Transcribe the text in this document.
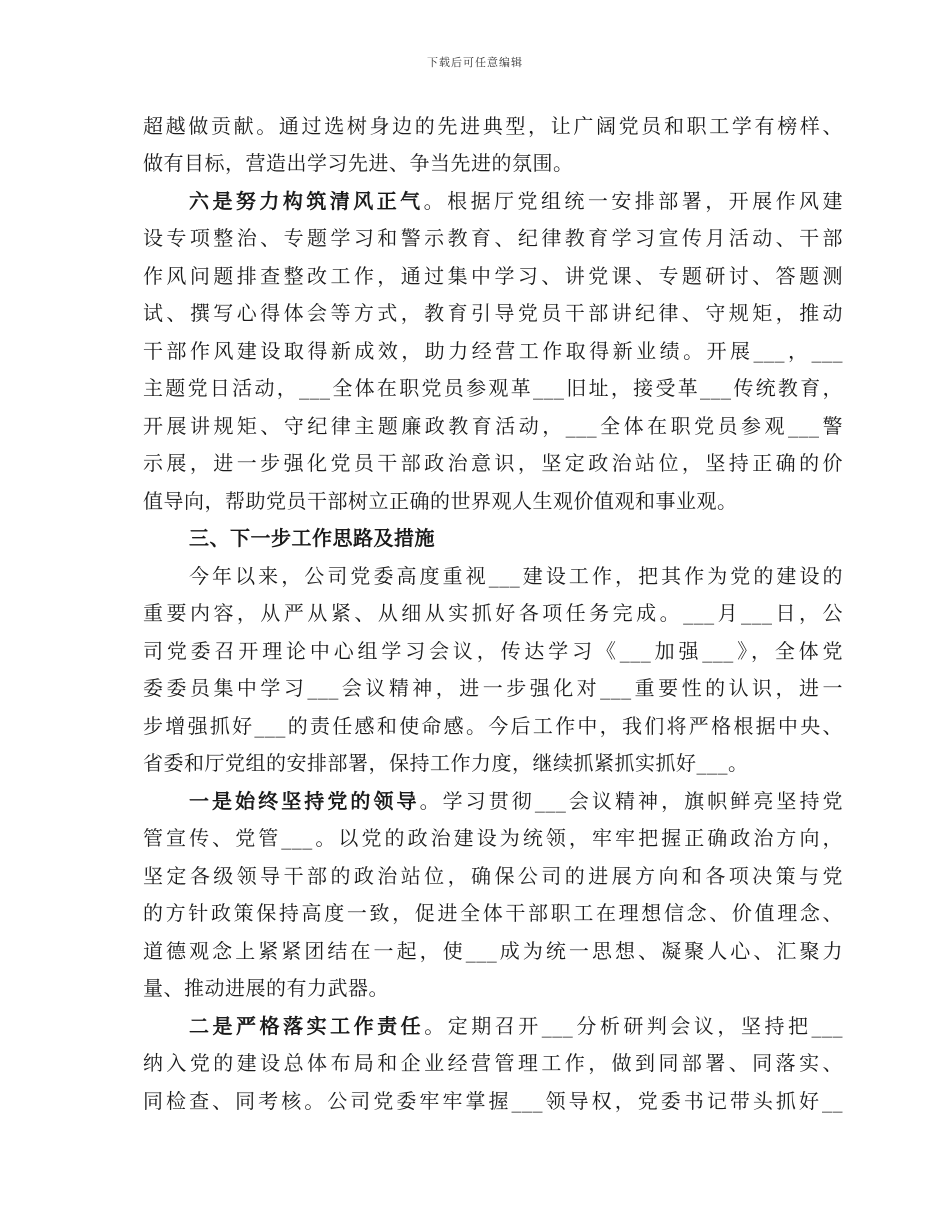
下载后可任意编辑
超越做贡献。通过选树身边的先进典型，让广阔党员和职工学有榜样、
做有目标，营造出学习先进、争当先进的氛围。
六是努力构筑清风正气。根据厅党组统一安排部署，开展作风建
设专项整治、专题学习和警示教育、纪律教育学习宣传月活动、干部
作风问题排查整改工作，通过集中学习、讲党课、专题研讨、答题测
试、撰写心得体会等方式，教育引导党员干部讲纪律、守规矩，推动
干部作风建设取得新成效，助力经营工作取得新业绩。开展___，___
主题党日活动，___全体在职党员参观革___旧址，接受革___传统教育，
开展讲规矩、守纪律主题廉政教育活动，___全体在职党员参观___警
示展，进一步强化党员干部政治意识，坚定政治站位，坚持正确的价
值导向，帮助党员干部树立正确的世界观人生观价值观和事业观。
三、下一步工作思路及措施
今年以来，公司党委高度重视___建设工作，把其作为党的建设的
重要内容，从严从紧、从细从实抓好各项任务完成。___月___日，公
司党委召开理论中心组学习会议，传达学习《___加强___》，全体党
委委员集中学习___会议精神，进一步强化对___重要性的认识，进一
步增强抓好___的责任感和使命感。今后工作中，我们将严格根据中央、
省委和厅党组的安排部署，保持工作力度，继续抓紧抓实抓好___。
一是始终坚持党的领导。学习贯彻___会议精神，旗帜鲜亮坚持党
管宣传、党管___。以党的政治建设为统领，牢牢把握正确政治方向，
坚定各级领导干部的政治站位，确保公司的进展方向和各项决策与党
的方针政策保持高度一致，促进全体干部职工在理想信念、价值理念、
道德观念上紧紧团结在一起，使___成为统一思想、凝聚人心、汇聚力
量、推动进展的有力武器。
二是严格落实工作责任。定期召开___分析研判会议，坚持把___
纳入党的建设总体布局和企业经营管理工作，做到同部署、同落实、
同检查、同考核。公司党委牢牢掌握___领导权，党委书记带头抓好__
